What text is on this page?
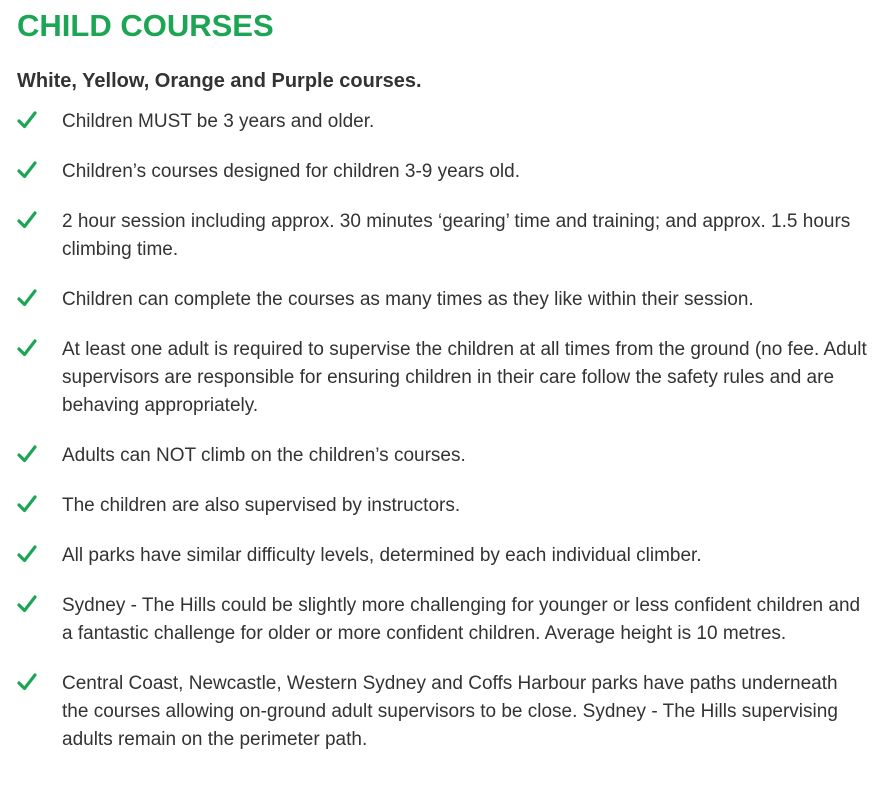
CHILD COURSES
White, Yellow, Orange and Purple courses.
Children MUST be 3 years and older.
Children’s courses designed for children 3-9 years old.
2 hour session including approx. 30 minutes ‘gearing’ time and training; and approx. 1.5 hours climbing time.
Children can complete the courses as many times as they like within their session.
At least one adult is required to supervise the children at all times from the ground (no fee. Adult supervisors are responsible for ensuring children in their care follow the safety rules and are behaving appropriately.
Adults can NOT climb on the children’s courses.
The children are also supervised by instructors.
All parks have similar difficulty levels, determined by each individual climber.
Sydney - The Hills could be slightly more challenging for younger or less confident children and a fantastic challenge for older or more confident children. Average height is 10 metres.
Central Coast, Newcastle, Western Sydney and Coffs Harbour parks have paths underneath the courses allowing on-ground adult supervisors to be close. Sydney - The Hills supervising adults remain on the perimeter path.
